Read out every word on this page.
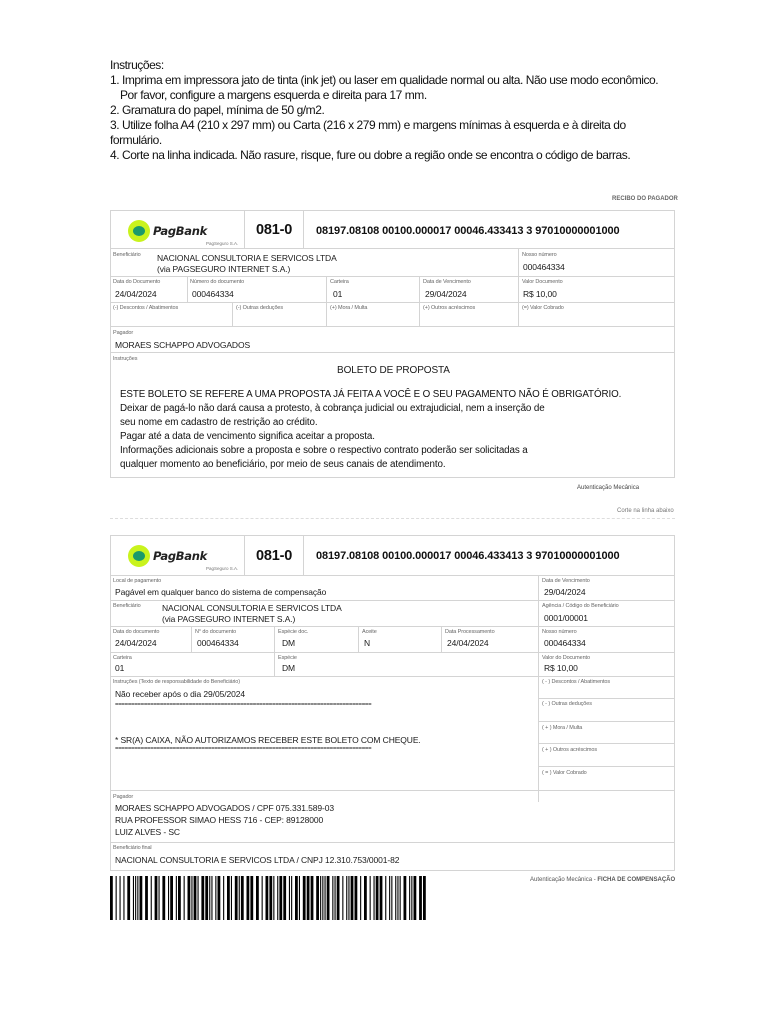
Instruções:

1. Imprima em impressora jato de tinta (ink jet) ou laser em qualidade normal ou alta. Não use modo econômico.

Por favor, configure a margens esquerda e direita para 17 mm.

2. Gramatura do papel, mínima de 50 g/m2.

3. Utilize folha A4 (210 x 297 mm) ou Carta (216 x 279 mm) e margens mínimas à esquerda e à direita do

formulário.

4. Corte na linha indicada. Não rasure, risque, fure ou dobre a região onde se encontra o código de barras.

RECIBO DO PAGADOR
PagBank
PagSeguro S.A.
081-0 08197.08108 00100.000017 00046.433413 3 97010000001000
Beneficiário NACIONAL CONSULTORIA E SERVICOS LTDA
(via PAGSEGURO INTERNET S.A.)
Nosso número
000464334
Data do Documento
24/04/2024
Número do documento
000464334
Carteira
01
Data de Vencimento
29/04/2024
Valor Documento
R$ 10,00
(-) Descontos / Abatimentos	(-) Outras deduções	(+) Mora / Multa	(+) Outros acréscimos	(=) Valor Cobrado
Pagador
MORAES SCHAPPO ADVOGADOS
Instruções
BOLETO DE PROPOSTA
ESTE BOLETO SE REFERE A UMA PROPOSTA JÁ FEITA A VOCÊ E O SEU PAGAMENTO NÃO É OBRIGATÓRIO.
Deixar de pagá-lo não dará causa a protesto, à cobrança judicial ou extrajudicial, nem a inserção de
seu nome em cadastro de restrição ao crédito.
Pagar até a data de vencimento significa aceitar a proposta.
Informações adicionais sobre a proposta e sobre o respectivo contrato poderão ser solicitadas a
qualquer momento ao beneficiário, por meio de seus canais de atendimento.
Autenticação Mecânica
Corte na linha abaixo
PagBank
PagSeguro S.A.
081-0 08197.08108 00100.000017 00046.433413 3 97010000001000
Local de pagamento
Pagável em qualquer banco do sistema de compensação
Data de Vencimento
29/04/2024
Beneficiário	NACIONAL CONSULTORIA E SERVICOS LTDA
(via PAGSEGURO INTERNET S.A.)
Agência / Código do Beneficiário
0001/00001
Data do documento
24/04/2024
N° do documento
000464334
Espécie doc.
DM
Aceite
N
Data Processamento
24/04/2024
Nosso número
000464334
Carteira
01
Espécie
DM
Valor do Documento
R$ 10,00
Instruções (Texto de responsabilidade do Beneficiário)
Não receber após o dia 29/05/2024
================================================================================
* SR(A) CAIXA, NÃO AUTORIZAMOS RECEBER ESTE BOLETO COM CHEQUE.
================================================================================
( - ) Descontos / Abatimentos
( - ) Outras deduções
( + ) Mora / Multa
( + ) Outros acréscimos
( = ) Valor Cobrado
Pagador
MORAES SCHAPPO ADVOGADOS / CPF 075.331.589-03
RUA PROFESSOR SIMAO HESS 716 - CEP: 89128000
LUIZ ALVES - SC
Beneficiário final
NACIONAL CONSULTORIA E SERVICOS LTDA / CNPJ 12.310.753/0001-82
Autenticação Mecânica - FICHA DE COMPENSAÇÃO
